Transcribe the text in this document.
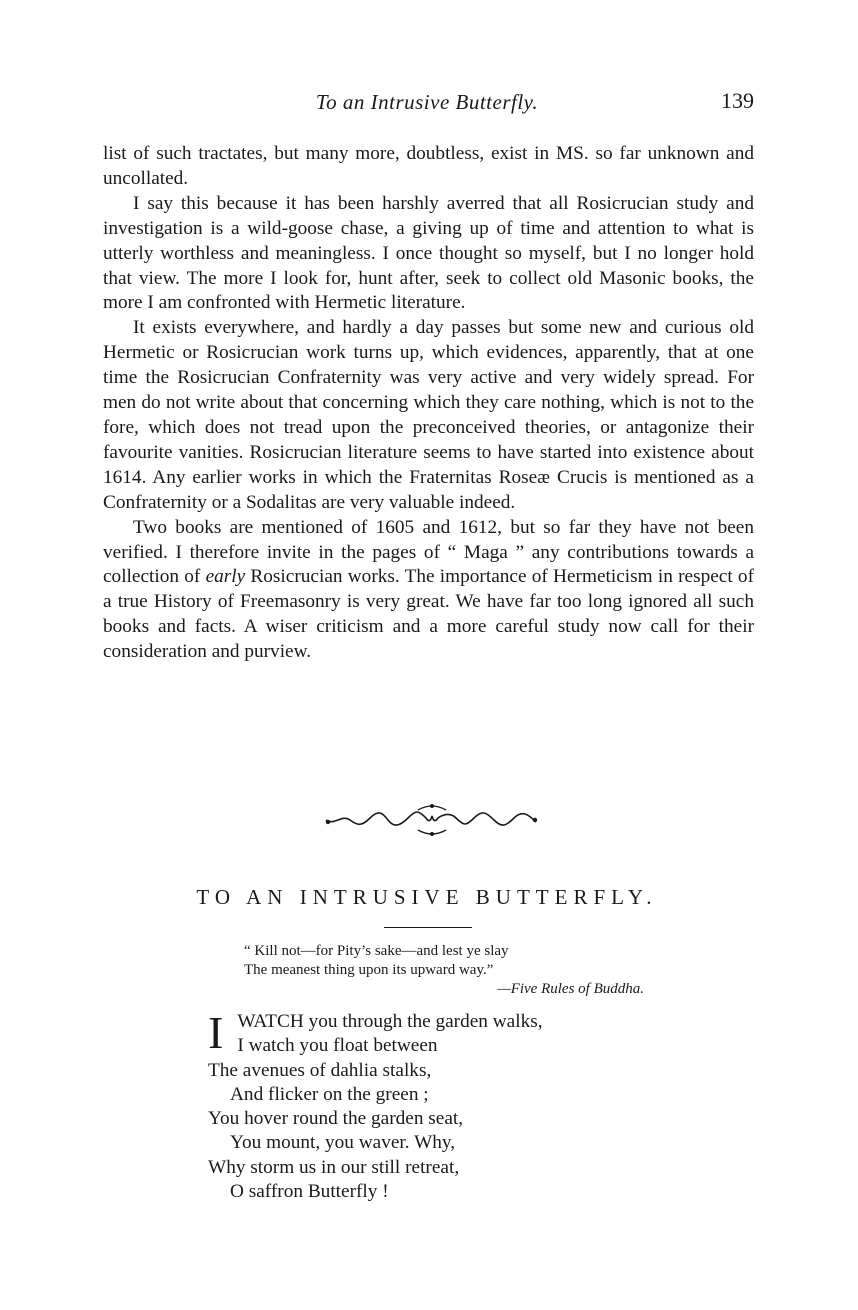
To an Intrusive Butterfly.	139

list of such tractates, but many more, doubtless, exist in MS. so far unknown and uncollated.

I say this because it has been harshly averred that all Rosicrucian study and investigation is a wild-goose chase, a giving up of time and attention to what is utterly worthless and meaningless. I once thought so myself, but I no longer hold that view. The more I look for, hunt after, seek to collect old Masonic books, the more I am confronted with Hermetic literature.

It exists everywhere, and hardly a day passes but some new and curious old Hermetic or Rosicrucian work turns up, which evidences, apparently, that at one time the Rosicrucian Confraternity was very active and very widely spread. For men do not write about that concerning which they care nothing, which is not to the fore, which does not tread upon the preconceived theories, or antagonize their favourite vanities. Rosicrucian literature seems to have started into existence about 1614. Any earlier works in which the Fraternitas Roseæ Crucis is mentioned as a Confraternity or a Sodalitas are very valuable indeed.

Two books are mentioned of 1605 and 1612, but so far they have not been verified. I therefore invite in the pages of “ Maga ” any contributions towards a collection of early Rosicrucian works. The importance of Hermeticism in respect of a true History of Freemasonry is very great. We have far too long ignored all such books and facts. A wiser criticism and a more careful study now call for their consideration and purview.

TO AN INTRUSIVE BUTTERFLY.
“ Kill not—for Pity’s sake—and lest ye slay
The meanest thing upon its upward way.”
—Five Rules of Buddha.
I WATCH you through the garden walks,
I watch you float between
The avenues of dahlia stalks,
And flicker on the green ;
You hover round the garden seat,
You mount, you waver. Why,
Why storm us in our still retreat,
O saffron Butterfly !
